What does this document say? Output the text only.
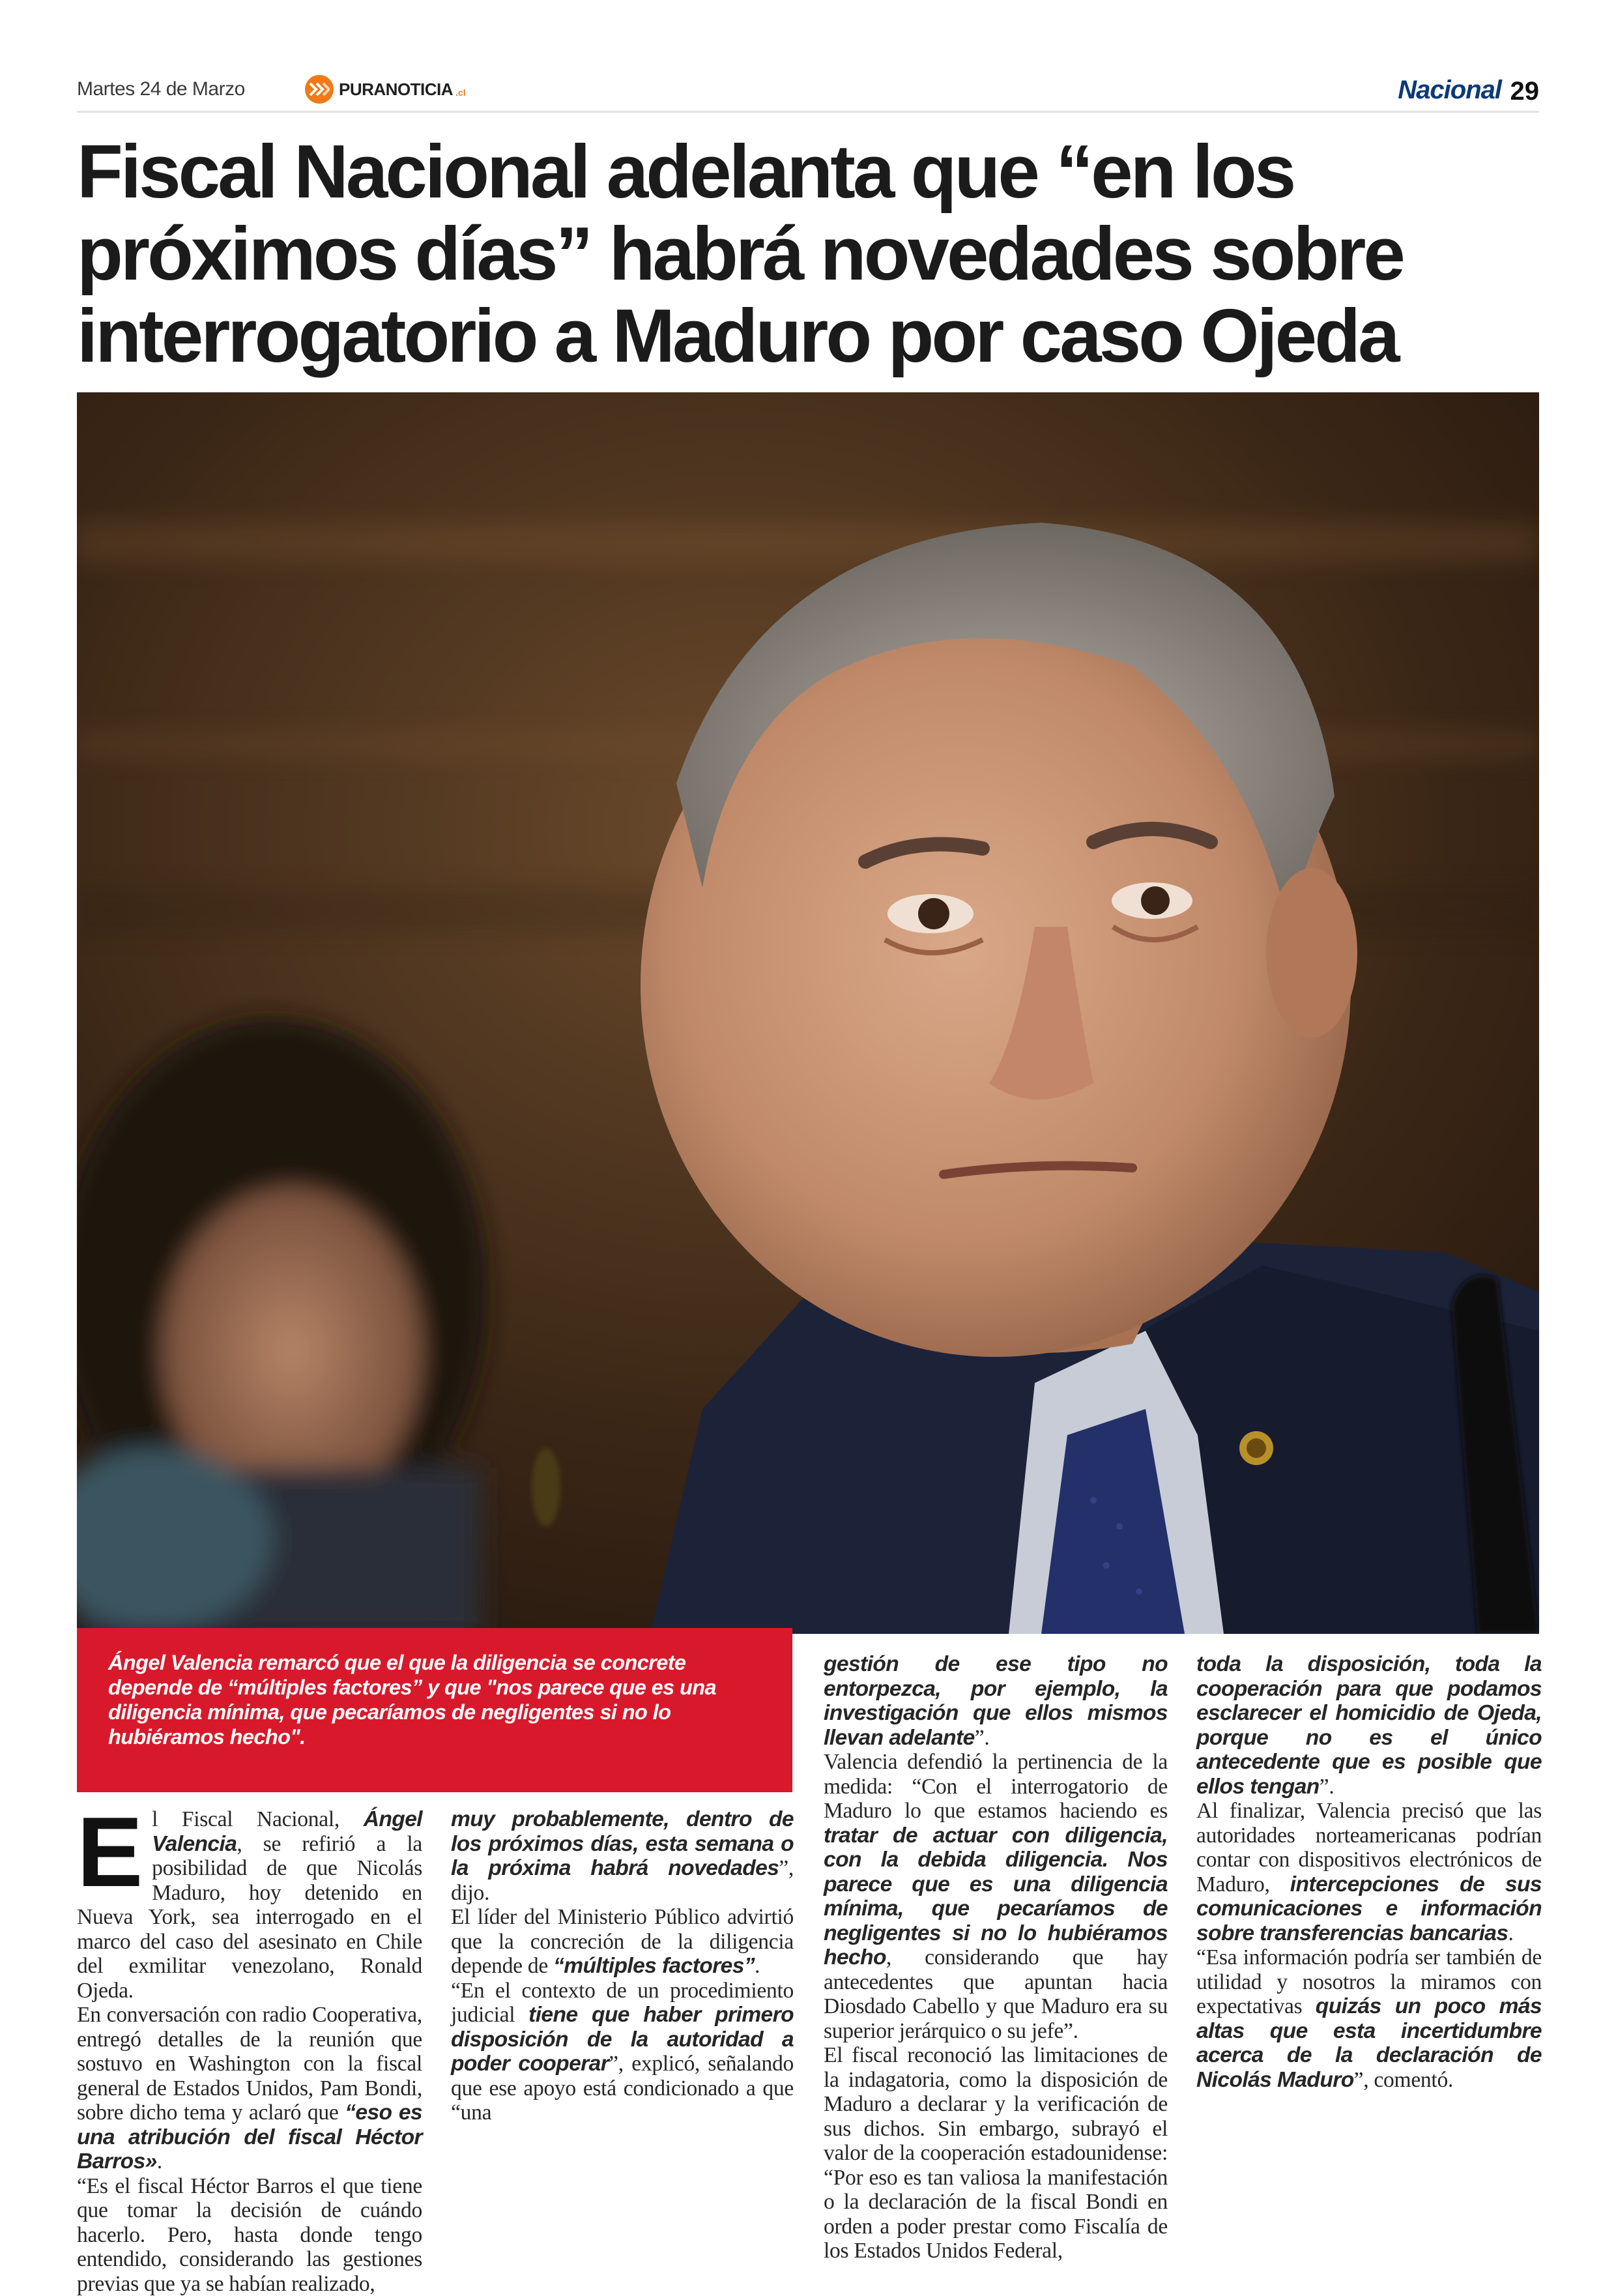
Martes 24 de Marzo	PURANOTICIA .cl	Nacional 29
Fiscal Nacional adelanta que “en los
próximos días” habrá novedades sobre
interrogatorio a Maduro por caso Ojeda

Ángel Valencia remarcó que el que la diligencia se concrete depende de “múltiples factores” y que "nos parece que es una diligencia mínima, que pecaríamos de negligentes si no lo hubiéramos hecho".

El Fiscal Nacional, Ángel Valencia, se refirió a la posibilidad de que Nicolás Maduro, hoy detenido en Nueva York, sea interrogado en el marco del caso del asesinato en Chile del exmilitar venezolano, Ronald Ojeda.

En conversación con radio Cooperativa, entregó detalles de la reunión que sostuvo en Washington con la fiscal general de Estados Unidos, Pam Bondi, sobre dicho tema y aclaró que “eso es una atribución del fiscal Héctor Barros».

“Es el fiscal Héctor Barros el que tiene que tomar la decisión de cuándo hacerlo. Pero, hasta donde tengo entendido, considerando las gestiones previas que ya se habían realizado,

muy probablemente, dentro de los próximos días, esta semana o la próxima habrá novedades”, dijo.

El líder del Ministerio Público advirtió que la concreción de la diligencia depende de “múltiples factores”.

“En el contexto de un procedimiento judicial tiene que haber primero disposición de la autoridad a poder cooperar”, explicó, señalando que ese apoyo está condicionado a que “una

gestión de ese tipo no entorpezca, por ejemplo, la investigación que ellos mismos llevan adelante”.

Valencia defendió la pertinencia de la medida: “Con el interrogatorio de Maduro lo que estamos haciendo es tratar de actuar con diligencia, con la debida diligencia. Nos parece que es una diligencia mínima, que pecaríamos de negligentes si no lo hubiéramos hecho, considerando que hay antecedentes que apuntan hacia Diosdado Cabello y que Maduro era su superior jerárquico o su jefe”.

El fiscal reconoció las limitaciones de la indagatoria, como la disposición de Maduro a declarar y la verificación de sus dichos. Sin embargo, subrayó el valor de la cooperación estadounidense: “Por eso es tan valiosa la manifestación o la declaración de la fiscal Bondi en orden a poder prestar como Fiscalía de los Estados Unidos Federal,

toda la disposición, toda la cooperación para que podamos esclarecer el homicidio de Ojeda, porque no es el único antecedente que es posible que ellos tengan”.

Al finalizar, Valencia precisó que las autoridades norteamericanas podrían contar con dispositivos electrónicos de Maduro, intercepciones de sus comunicaciones e información sobre transferencias bancarias.

“Esa información podría ser también de utilidad y nosotros la miramos con expectativas quizás un poco más altas que esta incertidumbre acerca de la declaración de Nicolás Maduro”, comentó.
